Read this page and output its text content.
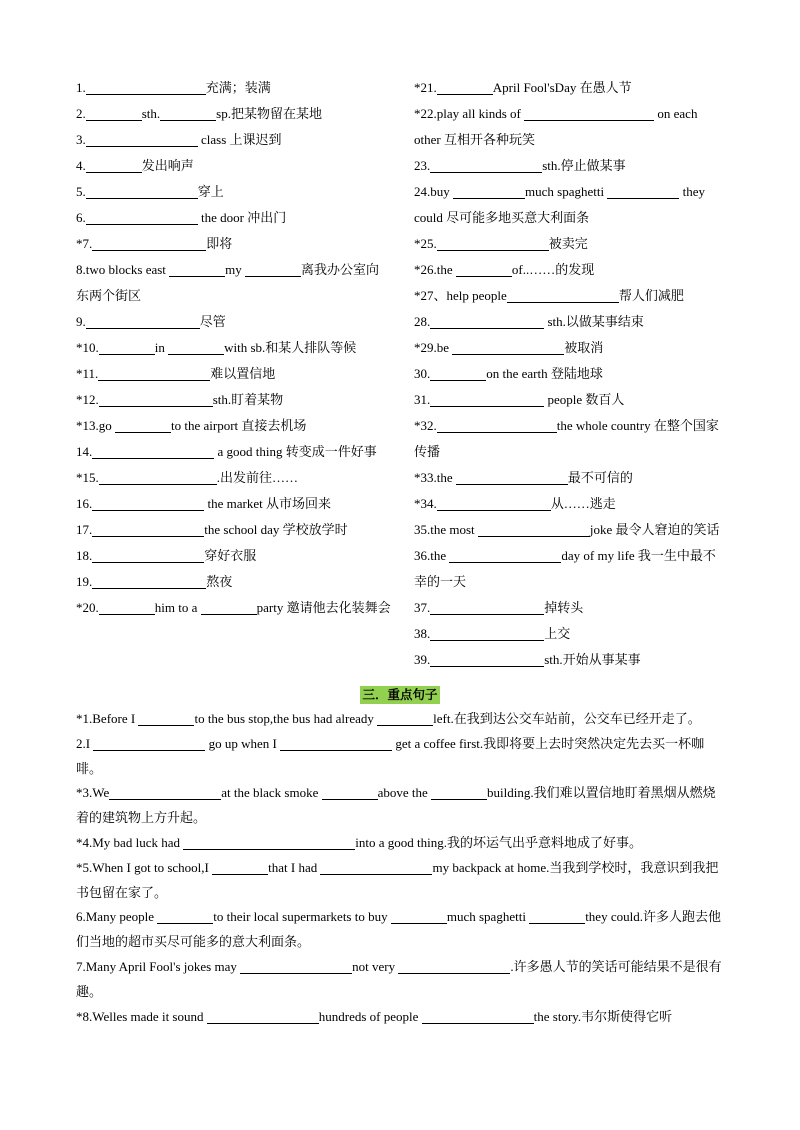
1.	充满；装满

2.	sth.	sp.把某物留在某地

3.	class 上课迟到

4.	发出响声

5.	穿上

6.	the door 冲出门

*7.	即将

8.two blocks east	my	离我办公室向东两个街区

9.	尽管

*10.	in	with sb.和某人排队等候

*11.	难以置信地

*12.	sth.盯着某物

*13.go	to the airport 直接去机场

14.	a good thing 转变成一件好事

*15.	.出发前往……

16.	the market 从市场回来

17.	the school day 学校放学时

18.	穿好衣服

19.	熬夜

*20.	him to a	party 邀请他去化装舞会

*21.	April Fool'sDay 在愚人节

*22.play all kinds of	on each other 互相开各种玩笑

23.	sth.停止做某事

24.buy	much spaghetti	they could 尽可能多地买意大利面条

*25.	被卖完

*26.the	of..……的发现

*27、help people	帮人们减肥

28.	sth.以做某事结束

*29.be	被取消

30.	on the earth 登陆地球

31.	people 数百人

*32.	the whole country 在整个国家传播

*33.the	最不可信的

*34.	从……逃走

35.the most	joke 最令人窘迫的笑话

36.the	day of my life 我一生中最不幸的一天

37.	掉转头

38.	上交

39.	sth.开始从事某事

三．重点句子

*1.Before I	to the bus stop,the bus had already	left.在我到达公交车站前，公交车已经开走了。

2.I	go up when I	get a coffee first.我即将要上去时突然决定先去买一杯咖啡。

*3.We	at the black smoke	above the	building.我们难以置信地盯着黑烟从燃烧着的建筑物上方升起。

*4.My bad luck had	into a good thing.我的坏运气出乎意料地成了好事。

*5.When I got to school,I	that I had	my backpack at home.当我到学校时，我意识到我把书包留在家了。

6.Many people	to their local supermarkets to buy	much spaghetti	they could.许多人跑去他们当地的超市买尽可能多的意大利面条。

7.Many April Fool's jokes may	not very	.许多愚人节的笑话可能结果不是很有趣。

*8.Welles made it sound	hundreds of people	the story.韦尔斯使得它听
